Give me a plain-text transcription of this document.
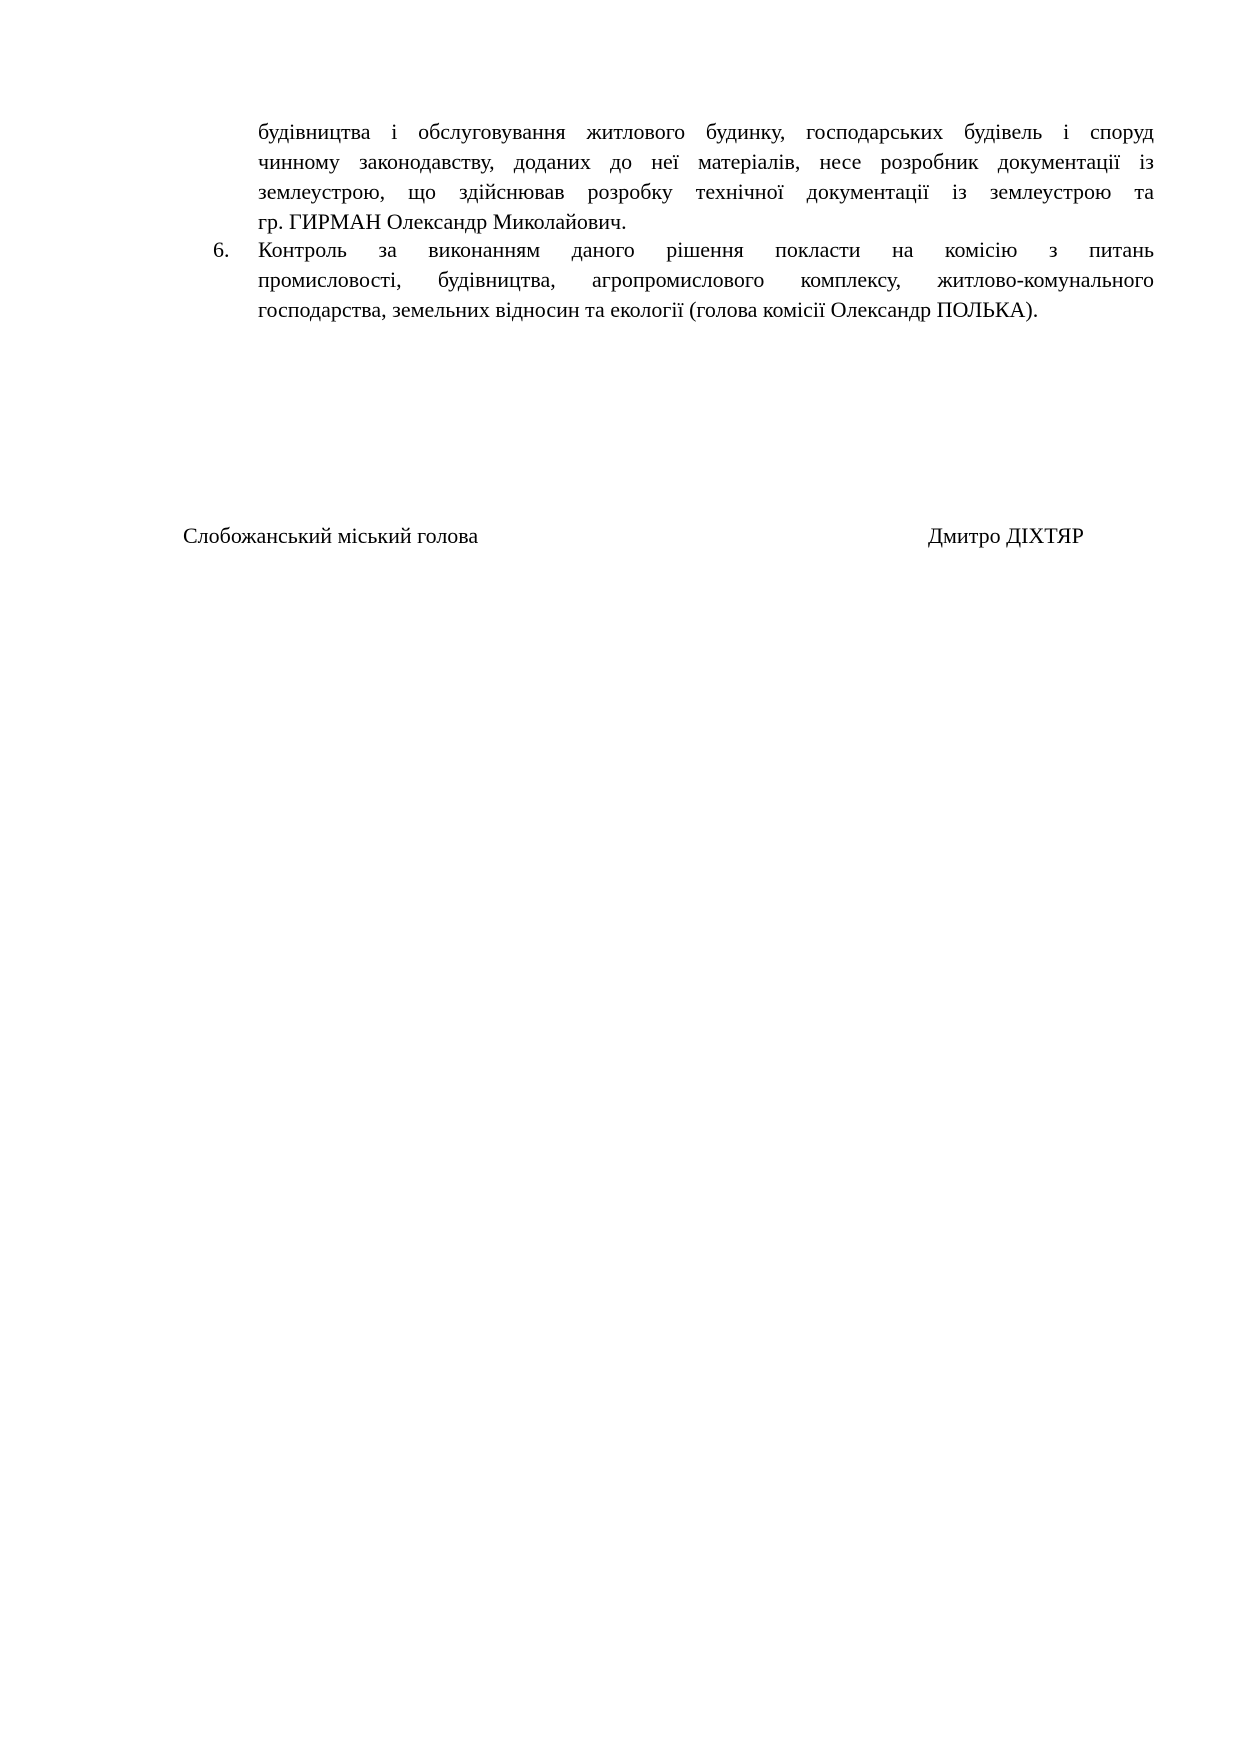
будівництва і обслуговування житлового будинку, господарських будівель і споруд
чинному законодавству, доданих до неї матеріалів, несе розробник документації із
землеустрою, що здійснював розробку технічної документації із землеустрою та
гр. ГИРМАН Олександр Миколайович.
6. Контроль за виконанням даного рішення покласти на комісію з питань
промисловості, будівництва, агропромислового комплексу, житлово-комунального
господарства, земельних відносин та екології (голова комісії Олександр ПОЛЬКА).
Слобожанський міський голова	Дмитро ДІХТЯР
